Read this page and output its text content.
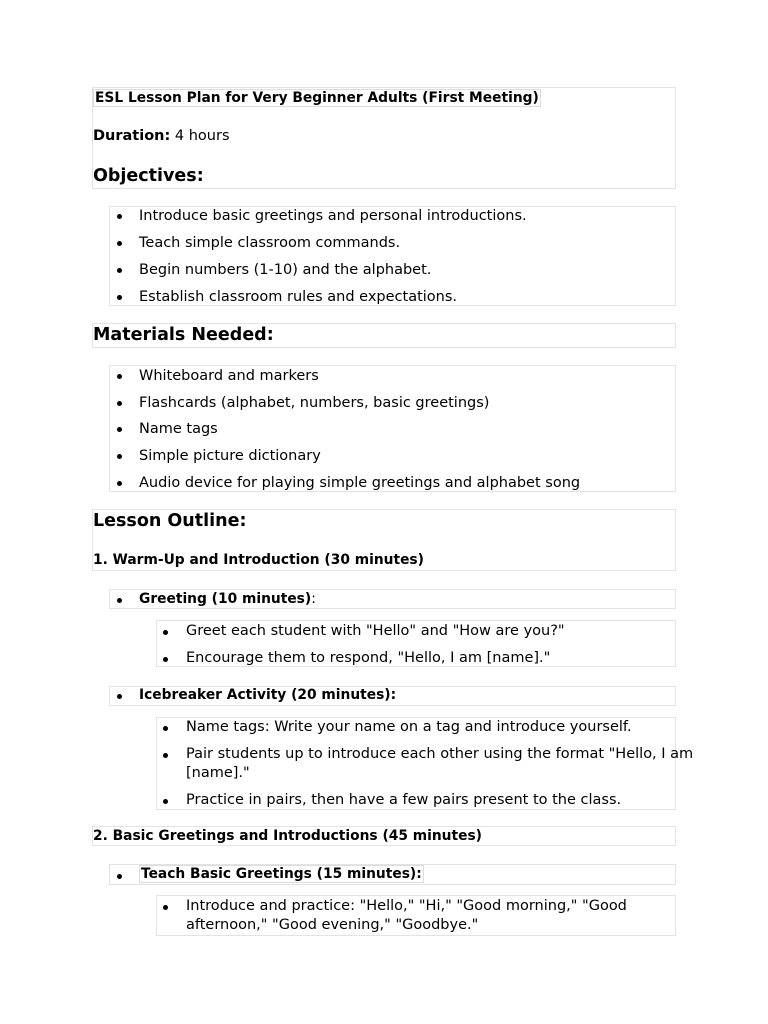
ESL Lesson Plan for Very Beginner Adults (First Meeting)
Duration: 4 hours
Objectives:
Introduce basic greetings and personal introductions.
Teach simple classroom commands.
Begin numbers (1-10) and the alphabet.
Establish classroom rules and expectations.
Materials Needed:
Whiteboard and markers
Flashcards (alphabet, numbers, basic greetings)
Name tags
Simple picture dictionary
Audio device for playing simple greetings and alphabet song
Lesson Outline:
1. Warm-Up and Introduction (30 minutes)
Greeting (10 minutes):
Greet each student with "Hello" and "How are you?"
Encourage them to respond, "Hello, I am [name]."
Icebreaker Activity (20 minutes):
Name tags: Write your name on a tag and introduce yourself.
Pair students up to introduce each other using the format "Hello, I am
[name]."
Practice in pairs, then have a few pairs present to the class.
2. Basic Greetings and Introductions (45 minutes)
Teach Basic Greetings (15 minutes):
Introduce and practice: "Hello," "Hi," "Good morning," "Good
afternoon," "Good evening," "Goodbye."
